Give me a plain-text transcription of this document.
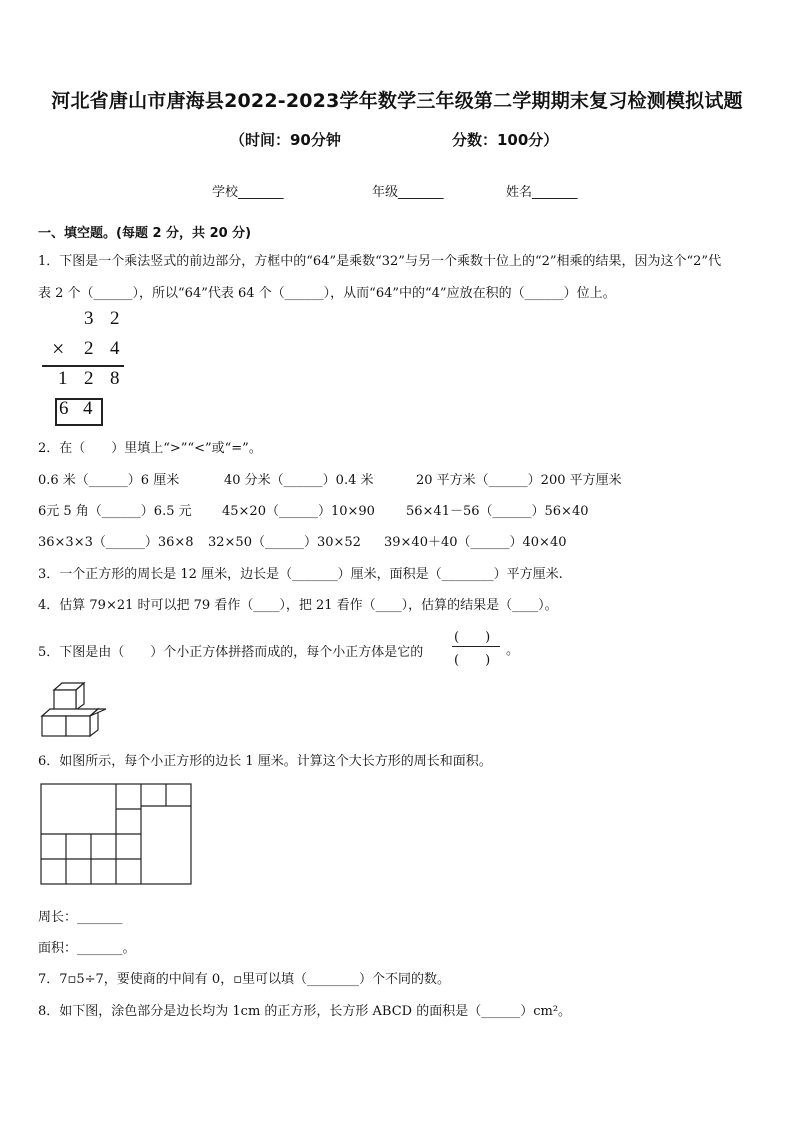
河北省唐山市唐海县2022-2023学年数学三年级第二学期期末复习检测模拟试题
（时间：90分钟	分数：100分）
学校_______	年级_______	姓名_______
一、填空题。(每题 2 分，共 20 分)
1．下图是一个乘法竖式的前边部分，方框中的“64”是乘数“32”与另一个乘数十位上的“2”相乘的结果，因为这个“2”代
表 2 个（______），所以“64”代表 64 个（______），从而“64”中的“4”应放在积的（______）位上。
3 2
× 2 4
1 2 8
6 4
2．在（　　）里填上“>”“<”或“=”。
0.6 米（______）6 厘米	40 分米（______）0.4 米	20 平方米（______）200 平方厘米
6元 5 角（______）6.5 元 45×20（______）10×90 56×41－56（______）56×40
36×3×3（______）36×8 32×50（______）30×52 39×40＋40（______）40×40
3．一个正方形的周长是 12 厘米，边长是（_______）厘米，面积是（________）平方厘米.
4．估算 79×21 时可以把 79 看作（____），把 21 看作（____），估算的结果是（____）。
5．下图是由（　　）个小正方体拼搭而成的，每个小正方体是它的
(　　)
(　　)
。
6．如图所示，每个小正方形的边长 1 厘米。计算这个大长方形的周长和面积。
周长：_______
面积：_______。
7．7▫5÷7，要使商的中间有 0，▫里可以填（________）个不同的数。
8．如下图，涂色部分是边长均为 1cm 的正方形，长方形 ABCD 的面积是（______）cm²。
